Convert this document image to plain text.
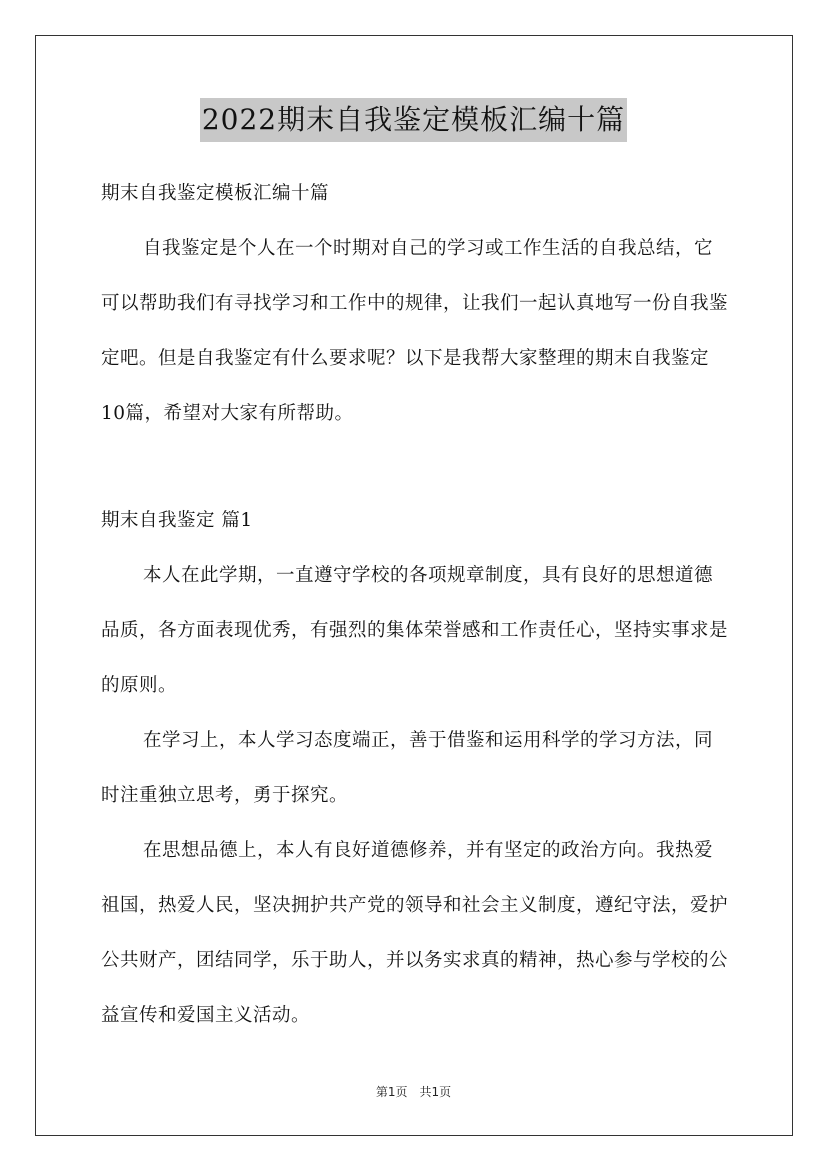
2022期末自我鉴定模板汇编十篇

期末自我鉴定模板汇编十篇

自我鉴定是个人在一个时期对自己的学习或工作生活的自我总结，它可以帮助我们有寻找学习和工作中的规律，让我们一起认真地写一份自我鉴定吧。但是自我鉴定有什么要求呢？以下是我帮大家整理的期末自我鉴定10篇，希望对大家有所帮助。

期末自我鉴定 篇1

本人在此学期，一直遵守学校的各项规章制度，具有良好的思想道德品质，各方面表现优秀，有强烈的集体荣誉感和工作责任心，坚持实事求是的原则。

在学习上，本人学习态度端正，善于借鉴和运用科学的学习方法，同时注重独立思考，勇于探究。

在思想品德上，本人有良好道德修养，并有坚定的政治方向。我热爱祖国，热爱人民，坚决拥护共产党的领导和社会主义制度，遵纪守法，爱护公共财产，团结同学，乐于助人，并以务实求真的精神，热心参与学校的公益宣传和爱国主义活动。

第1页　共1页
